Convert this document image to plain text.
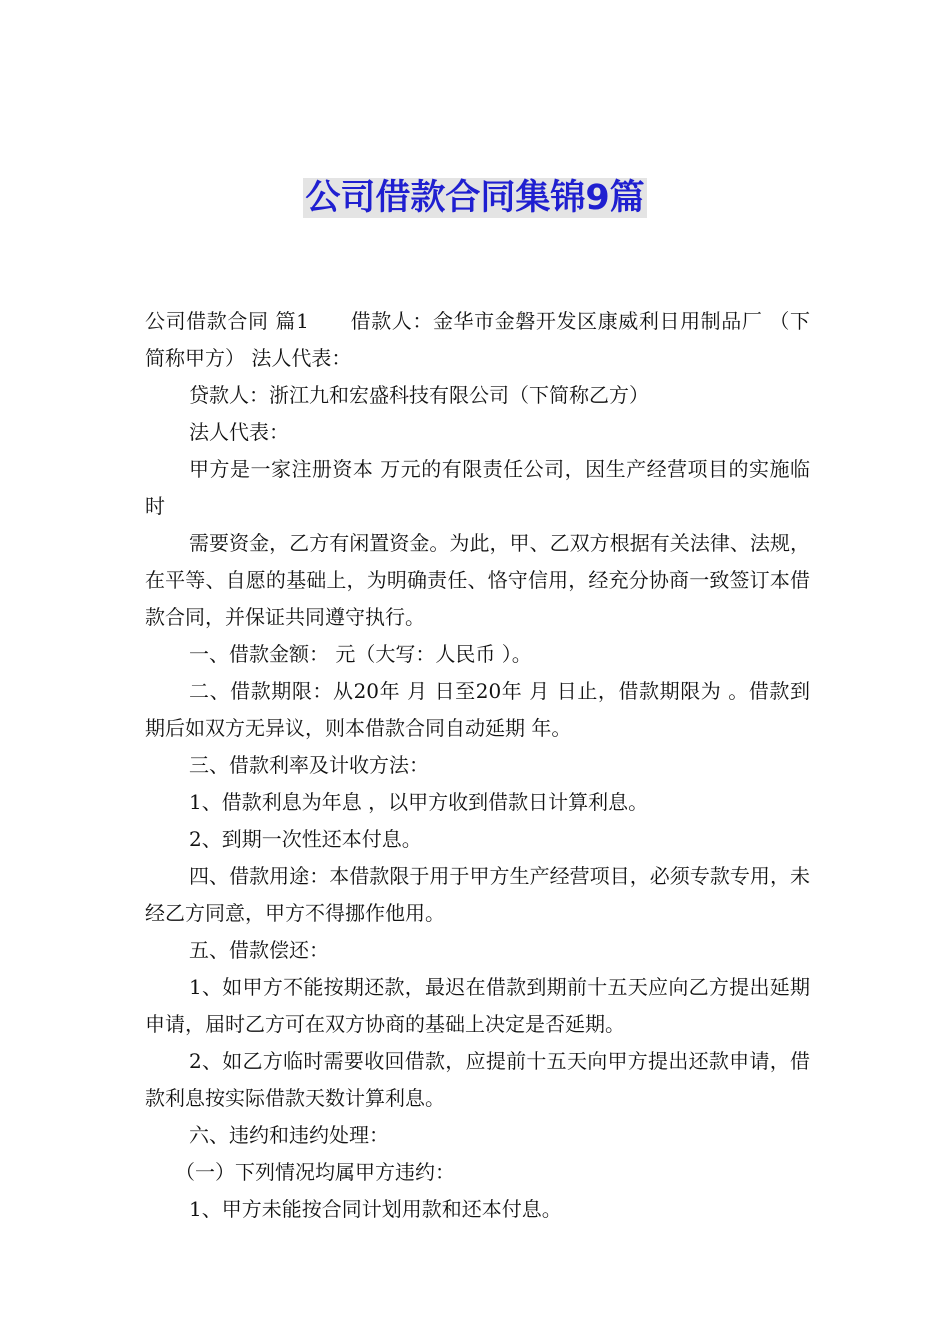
公司借款合同集锦9篇

公司借款合同 篇1　　借款人：金华市金磐开发区康威利日用制品厂 （下简称甲方） 法人代表：

贷款人：浙江九和宏盛科技有限公司（下简称乙方）

法人代表：

甲方是一家注册资本 万元的有限责任公司，因生产经营项目的实施临时

需要资金，乙方有闲置资金。为此，甲、乙双方根据有关法律、法规，在平等、自愿的基础上，为明确责任、恪守信用，经充分协商一致签订本借款合同，并保证共同遵守执行。

一、借款金额： 元（大写：人民币 ）。

二、借款期限：从20年 月 日至20年 月 日止，借款期限为 。借款到期后如双方无异议，则本借款合同自动延期 年。

三、借款利率及计收方法：

1、借款利息为年息 ，以甲方收到借款日计算利息。

2、到期一次性还本付息。

四、借款用途：本借款限于用于甲方生产经营项目，必须专款专用，未经乙方同意，甲方不得挪作他用。

五、借款偿还：

1、如甲方不能按期还款，最迟在借款到期前十五天应向乙方提出延期申请，届时乙方可在双方协商的基础上决定是否延期。

2、如乙方临时需要收回借款，应提前十五天向甲方提出还款申请，借款利息按实际借款天数计算利息。

六、违约和违约处理：

（一）下列情况均属甲方违约：

1、甲方未能按合同计划用款和还本付息。
